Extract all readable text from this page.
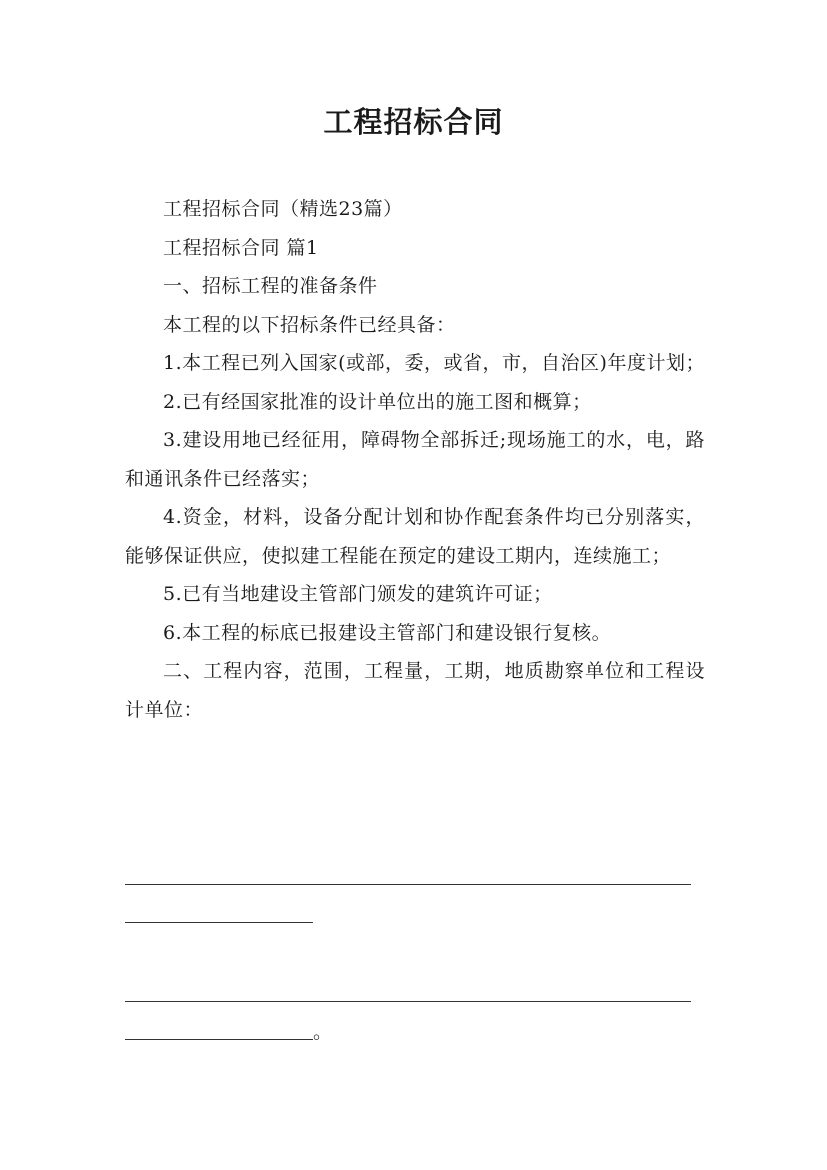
工程招标合同

工程招标合同（精选23篇）

工程招标合同 篇1

一、招标工程的准备条件

本工程的以下招标条件已经具备：

1.本工程已列入国家(或部，委，或省，市，自治区)年度计划；

2.已有经国家批准的设计单位出的施工图和概算；

3.建设用地已经征用，障碍物全部拆迁;现场施工的水，电，路和通讯条件已经落实；

4.资金，材料，设备分配计划和协作配套条件均已分别落实，能够保证供应，使拟建工程能在预定的建设工期内，连续施工；

5.已有当地建设主管部门颁发的建筑许可证；

6.本工程的标底已报建设主管部门和建设银行复核。

二、工程内容，范围，工程量，工期，地质勘察单位和工程设计单位：

。
